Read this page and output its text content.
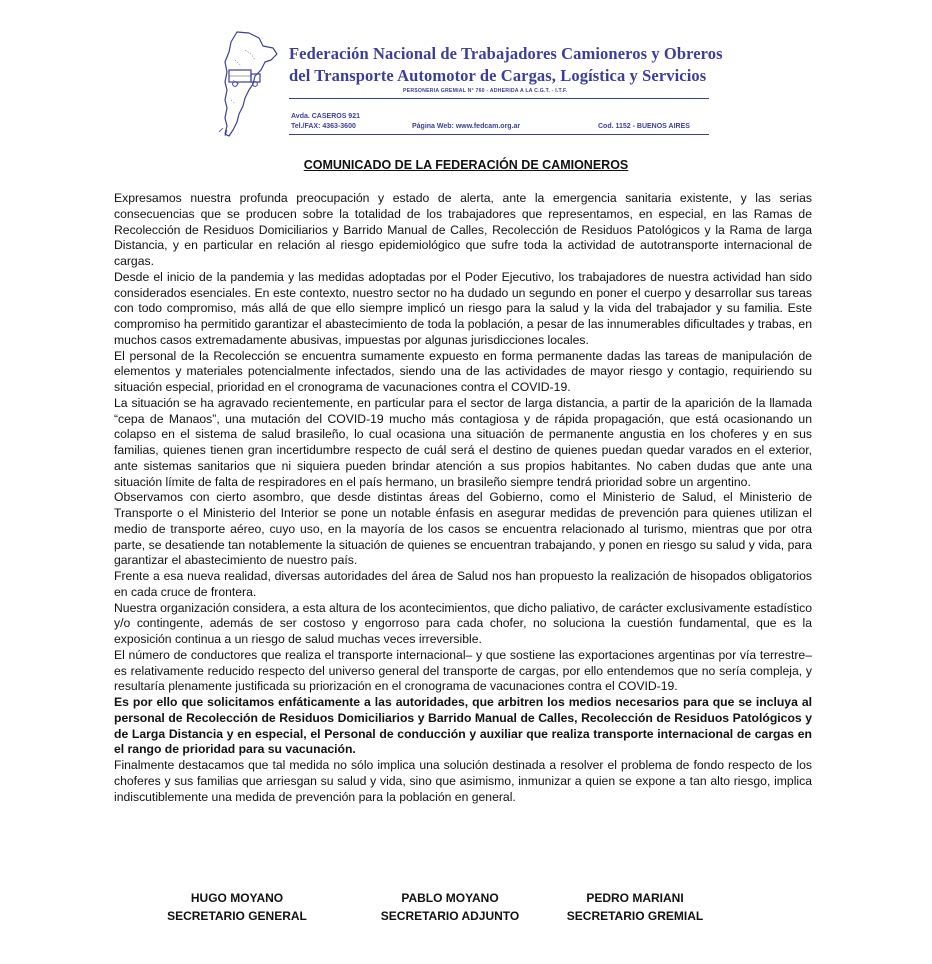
Federación Nacional de Trabajadores Camioneros y Obreros
del Transporte Automotor de Cargas, Logística y Servicios
PERSONERIA GREMIAL N° 760 - ADHERIDA A LA C.G.T. - I.T.F.
Avda. CASEROS 921
Tel./FAX: 4363-3600	Página Web: www.fedcam.org.ar	Cod. 1152 - BUENOS AIRES
COMUNICADO DE LA FEDERACIÓN DE CAMIONEROS

Expresamos nuestra profunda preocupación y estado de alerta, ante la emergencia sanitaria existente, y las serias consecuencias que se producen sobre la totalidad de los trabajadores que representamos, en especial, en las Ramas de Recolección de Residuos Domiciliarios y Barrido Manual de Calles, Recolección de Residuos Patológicos y la Rama de larga Distancia, y en particular en relación al riesgo epidemiológico que sufre toda la actividad de autotransporte internacional de cargas.

Desde el inicio de la pandemia y las medidas adoptadas por el Poder Ejecutivo, los trabajadores de nuestra actividad han sido considerados esenciales. En este contexto, nuestro sector no ha dudado un segundo en poner el cuerpo y desarrollar sus tareas con todo compromiso, más allá de que ello siempre implicó un riesgo para la salud y la vida del trabajador y su familia. Este compromiso ha permitido garantizar el abastecimiento de toda la población, a pesar de las innumerables dificultades y trabas, en muchos casos extremadamente abusivas, impuestas por algunas jurisdicciones locales.

El personal de la Recolección se encuentra sumamente expuesto en forma permanente dadas las tareas de manipulación de elementos y materiales potencialmente infectados, siendo una de las actividades de mayor riesgo y contagio, requiriendo su situación especial, prioridad en el cronograma de vacunaciones contra el COVID-19.

La situación se ha agravado recientemente, en particular para el sector de larga distancia, a partir de la aparición de la llamada “cepa de Manaos”, una mutación del COVID-19 mucho más contagiosa y de rápida propagación, que está ocasionando un colapso en el sistema de salud brasileño, lo cual ocasiona una situación de permanente angustia en los choferes y en sus familias, quienes tienen gran incertidumbre respecto de cuál será el destino de quienes puedan quedar varados en el exterior, ante sistemas sanitarios que ni siquiera pueden brindar atención a sus propios habitantes. No caben dudas que ante una situación límite de falta de respiradores en el país hermano, un brasileño siempre tendrá prioridad sobre un argentino.

Observamos con cierto asombro, que desde distintas áreas del Gobierno, como el Ministerio de Salud, el Ministerio de Transporte o el Ministerio del Interior se pone un notable énfasis en asegurar medidas de prevención para quienes utilizan el medio de transporte aéreo, cuyo uso, en la mayoría de los casos se encuentra relacionado al turismo, mientras que por otra parte, se desatiende tan notablemente la situación de quienes se encuentran trabajando, y ponen en riesgo su salud y vida, para garantizar el abastecimiento de nuestro país.

Frente a esa nueva realidad, diversas autoridades del área de Salud nos han propuesto la realización de hisopados obligatorios en cada cruce de frontera.

Nuestra organización considera, a esta altura de los acontecimientos, que dicho paliativo, de carácter exclusivamente estadístico y/o contingente, además de ser costoso y engorroso para cada chofer, no soluciona la cuestión fundamental, que es la exposición continua a un riesgo de salud muchas veces irreversible.

El número de conductores que realiza el transporte internacional– y que sostiene las exportaciones argentinas por vía terrestre– es relativamente reducido respecto del universo general del transporte de cargas, por ello entendemos que no sería compleja, y resultaría plenamente justificada su priorización en el cronograma de vacunaciones contra el COVID-19.

Es por ello que solicitamos enfáticamente a las autoridades, que arbitren los medios necesarios para que se incluya al personal de Recolección de Residuos Domiciliarios y Barrido Manual de Calles, Recolección de Residuos Patológicos y de Larga Distancia y en especial, el Personal de conducción y auxiliar que realiza transporte internacional de cargas en el rango de prioridad para su vacunación.

Finalmente destacamos que tal medida no sólo implica una solución destinada a resolver el problema de fondo respecto de los choferes y sus familias que arriesgan su salud y vida, sino que asimismo, inmunizar a quien se expone a tan alto riesgo, implica indiscutiblemente una medida de prevención para la población en general.

HUGO MOYANO
SECRETARIO GENERAL
PABLO MOYANO
SECRETARIO ADJUNTO
PEDRO MARIANI
SECRETARIO GREMIAL
